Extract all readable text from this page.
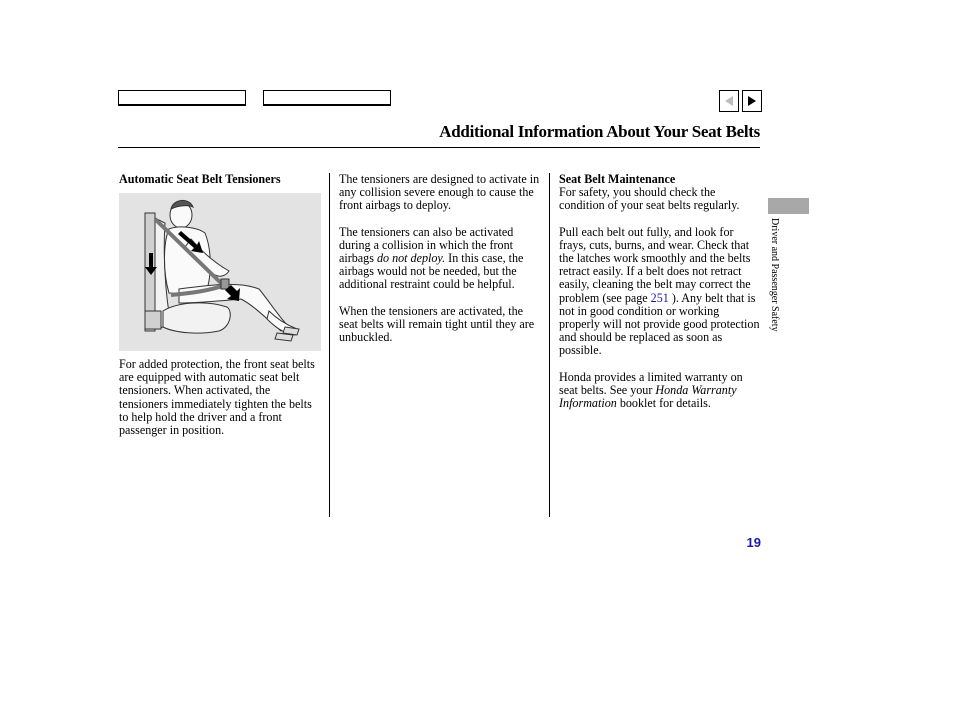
Additional Information About Your Seat Belts
Automatic Seat Belt Tensioners
For added protection, the front seat belts are equipped with automatic seat belt tensioners. When activated, the tensioners immediately tighten the belts to help hold the driver and a front passenger in position.

The tensioners are designed to activate in any collision severe enough to cause the front airbags to deploy.

The tensioners can also be activated during a collision in which the front airbags do not deploy. In this case, the airbags would not be needed, but the additional restraint could be helpful.

When the tensioners are activated, the seat belts will remain tight until they are unbuckled.

Seat Belt Maintenance

For safety, you should check the condition of your seat belts regularly.

Pull each belt out fully, and look for frays, cuts, burns, and wear. Check that the latches work smoothly and the belts retract easily. If a belt does not retract easily, cleaning the belt may correct the problem (see page 251 ). Any belt that is not in good condition or working properly will not provide good protection and should be replaced as soon as possible.

Honda provides a limited warranty on seat belts. See your Honda Warranty Information booklet for details.

Driver and Passenger Safety
19
